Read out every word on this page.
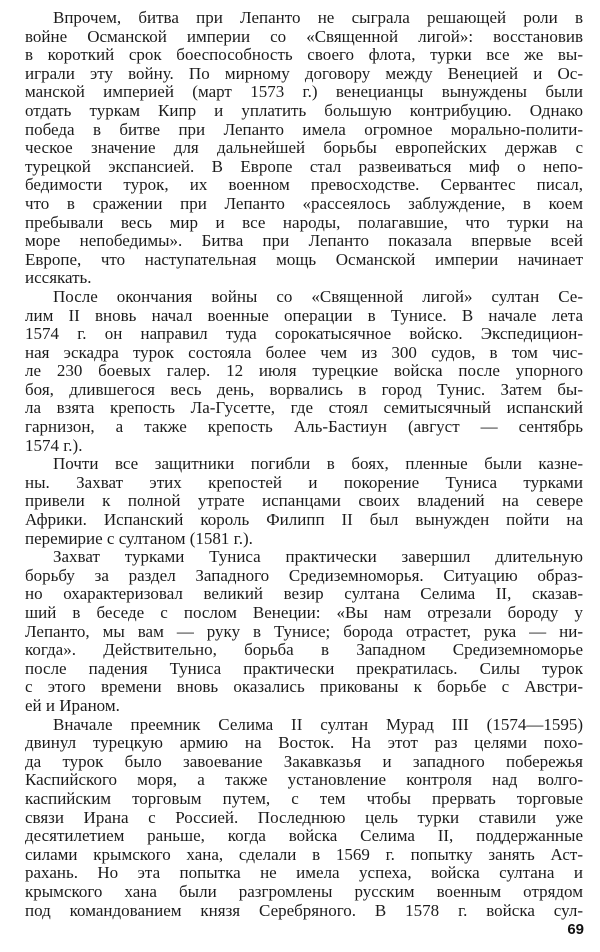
Впрочем, битва при Лепанто не сыграла решающей роли в
войне Османской империи со «Священной лигой»: восстановив
в короткий срок боеспособность своего флота, турки все же вы-
играли эту войну. По мирному договору между Венецией и Ос-
манской империей (март 1573 г.) венецианцы вынуждены были
отдать туркам Кипр и уплатить большую контрибуцию. Однако
победа в битве при Лепанто имела огромное морально-полити-
ческое значение для дальнейшей борьбы европейских держав с
турецкой экспансией. В Европе стал развеиваться миф о непо-
бедимости турок, их военном превосходстве. Сервантес писал,
что в сражении при Лепанто «рассеялось заблуждение, в коем
пребывали весь мир и все народы, полагавшие, что турки на
море непобедимы». Битва при Лепанто показала впервые всей
Европе, что наступательная мощь Османской империи начинает
иссякать.
После окончания войны со «Священной лигой» султан Се-
лим II вновь начал военные операции в Тунисе. В начале лета
1574 г. он направил туда сорокатысячное войско. Экспедицион-
ная эскадра турок состояла более чем из 300 судов, в том чис-
ле 230 боевых галер. 12 июля турецкие войска после упорного
боя, длившегося весь день, ворвались в город Тунис. Затем бы-
ла взята крепость Ла-Гусетте, где стоял семитысячный испанский
гарнизон, а также крепость Аль-Бастиун (август — сентябрь
1574 г.).
Почти все защитники погибли в боях, пленные были казне-
ны. Захват этих крепостей и покорение Туниса турками
привели к полной утрате испанцами своих владений на севере
Африки. Испанский король Филипп II был вынужден пойти на
перемирие с султаном (1581 г.).
Захват турками Туниса практически завершил длительную
борьбу за раздел Западного Средиземноморья. Ситуацию образ-
но охарактеризовал великий везир султана Селима II, сказав-
ший в беседе с послом Венеции: «Вы нам отрезали бороду у
Лепанто, мы вам — руку в Тунисе; борода отрастет, рука — ни-
когда». Действительно, борьба в Западном Средиземноморье
после падения Туниса практически прекратилась. Силы турок
с этого времени вновь оказались прикованы к борьбе с Австри-
ей и Ираном.
Вначале преемник Селима II султан Мурад III (1574—1595)
двинул турецкую армию на Восток. На этот раз целями похо-
да турок было завоевание Закавказья и западного побережья
Каспийского моря, а также установление контроля над волго-
каспийским торговым путем, с тем чтобы прервать торговые
связи Ирана с Россией. Последнюю цель турки ставили уже
десятилетием раньше, когда войска Селима II, поддержанные
силами крымского хана, сделали в 1569 г. попытку занять Аст-
рахань. Но эта попытка не имела успеха, войска султана и
крымского хана были разгромлены русским военным отрядом
под командованием князя Серебряного. В 1578 г. войска сул-
69
